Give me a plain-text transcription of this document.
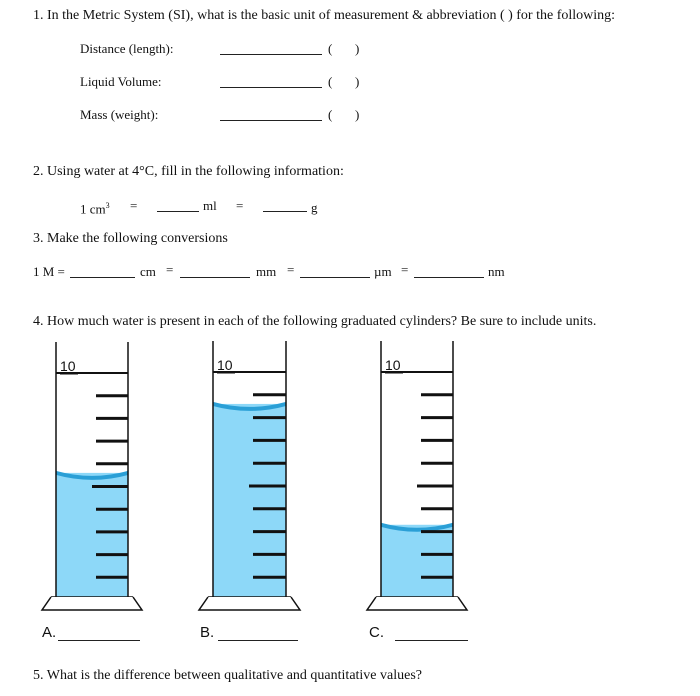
1. In the Metric System (SI), what is the basic unit of measurement & abbreviation ( ) for the following:
Distance (length):	( )
Liquid Volume:	( )
Mass (weight):	( )
2. Using water at 4°C, fill in the following information:
1 $cm^3$ =	ml =	g
3. Make the following conversions
1 M =	cm =	mm =	µm =	nm
4. How much water is present in each of the following graduated cylinders? Be sure to include units.
10	10	10
A.	B.	C.
5. What is the difference between qualitative and quantitative values?
